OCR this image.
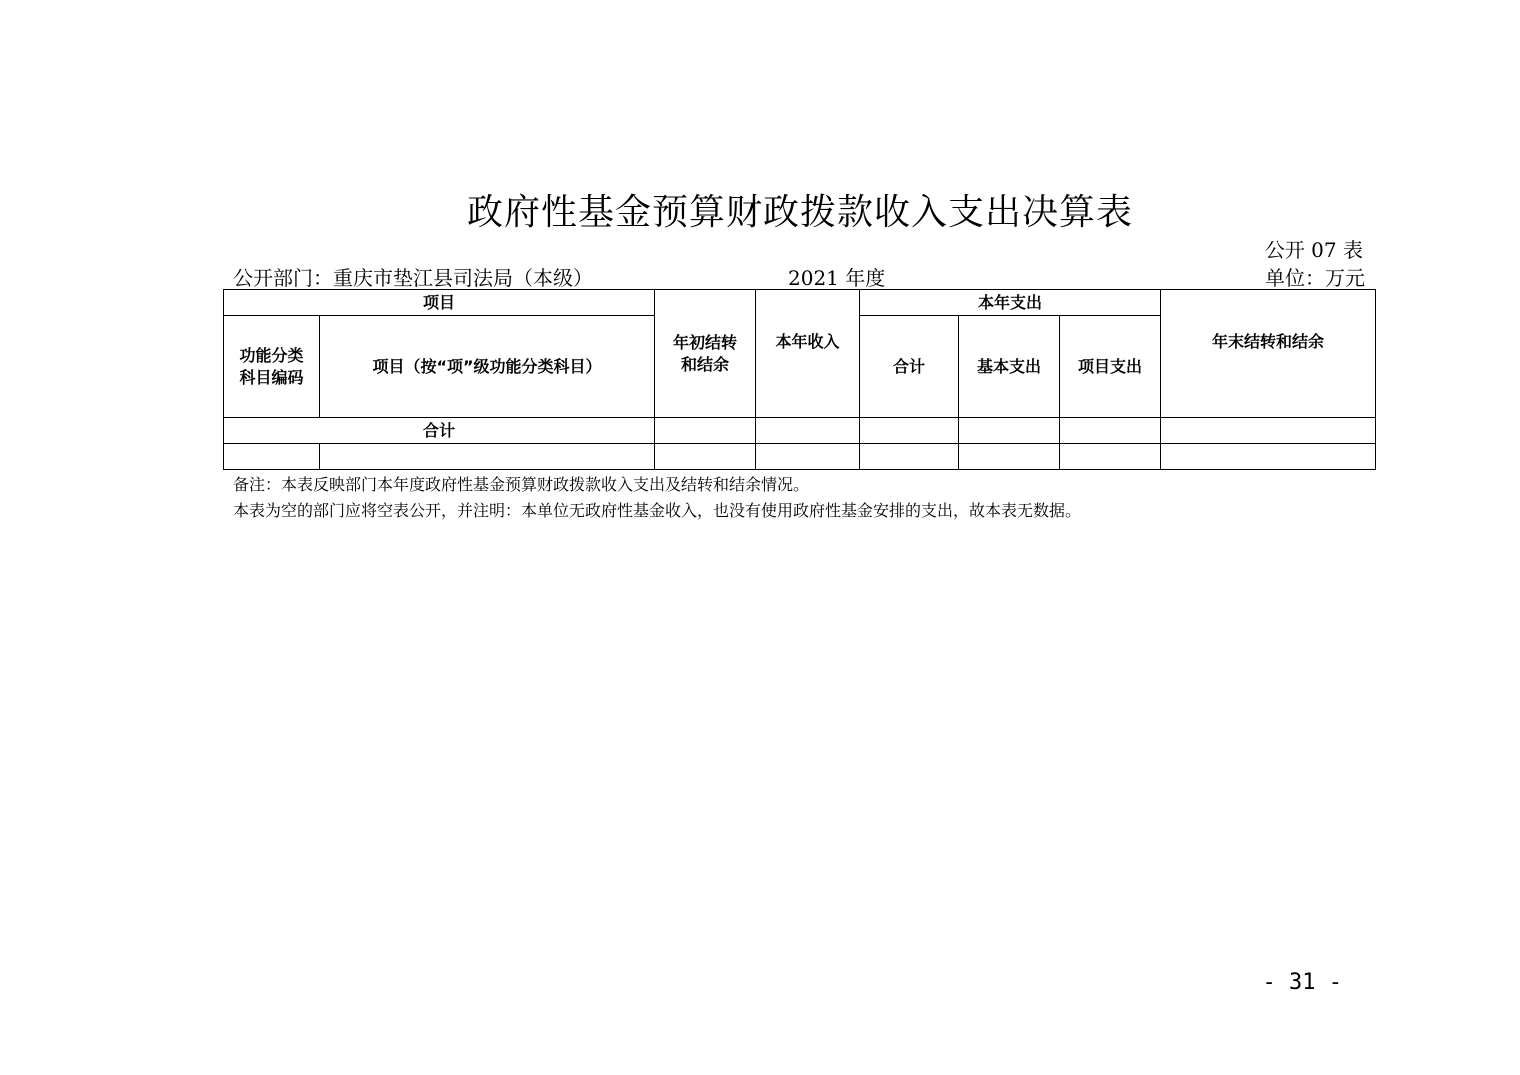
政府性基金预算财政拨款收入支出决算表
公开 07 表
公开部门：重庆市垫江县司法局（本级）	2021 年度	单位：万元
项目		年初结转和结余	本年收入	本年支出			年末结转和结余

功能分类科目编码	项目（按“项”级功能分类科目）			合计	基本支出	项目支出	
合计							

备注：本表反映部门本年度政府性基金预算财政拨款收入支出及结转和结余情况。
本表为空的部门应将空表公开，并注明：本单位无政府性基金收入，也没有使用政府性基金安排的支出，故本表无数据。
- 31 -
